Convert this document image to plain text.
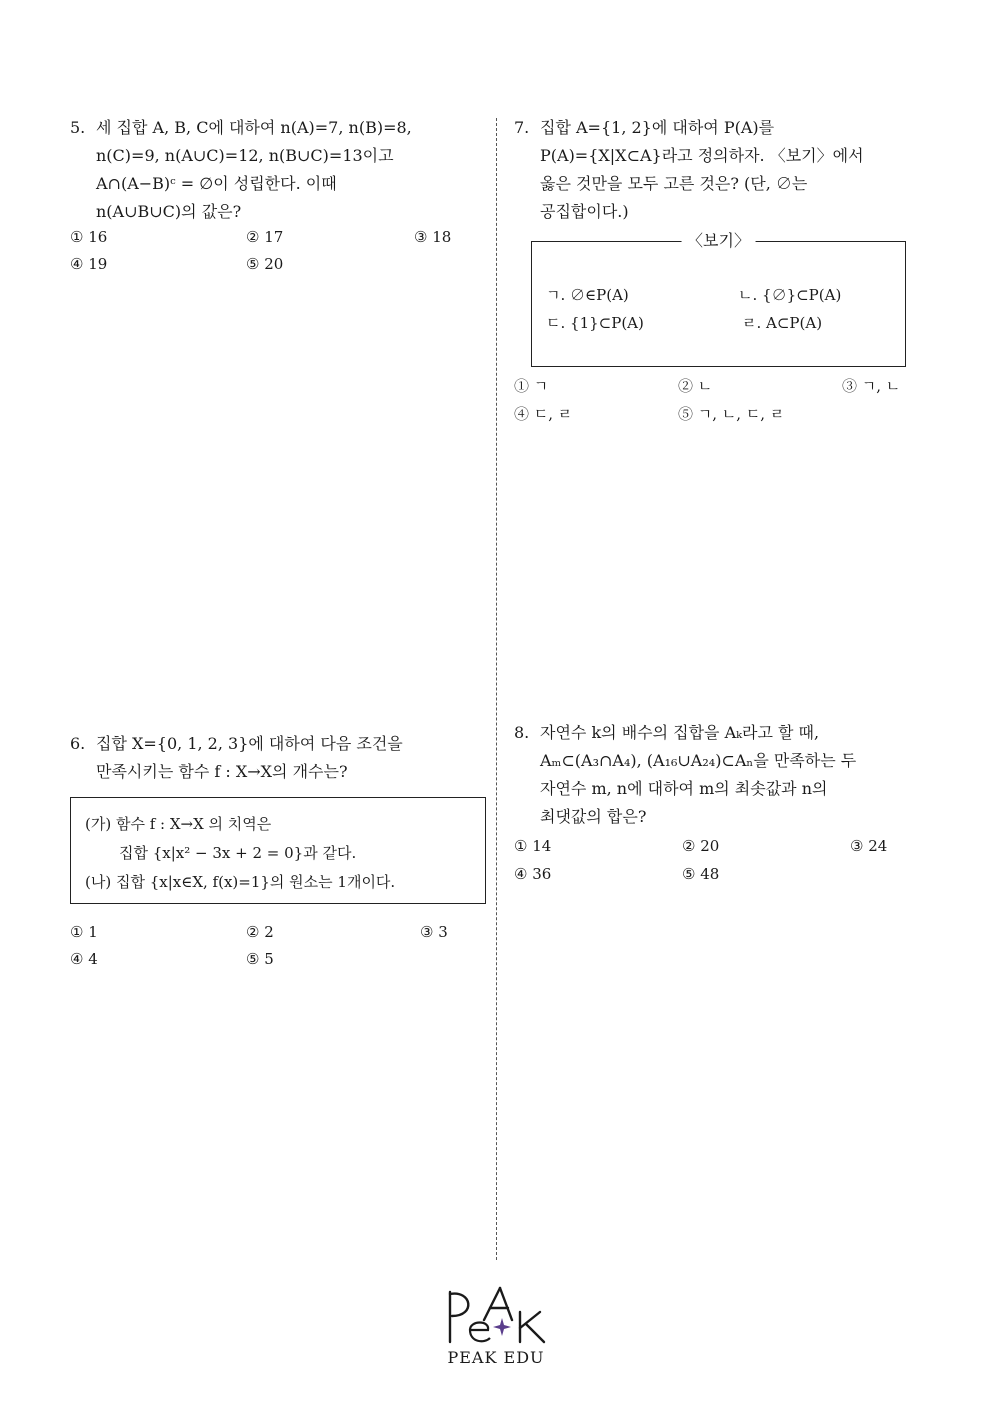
5. 세 집합 A, B, C에 대하여 n(A)=7, n(B)=8,
n(C)=9, n(A∪C)=12, n(B∪C)=13이고
A∩(A−B)ᶜ = ∅이 성립한다. 이때
n(A∪B∪C)의 값은?
① 16	② 17	③ 18
④ 19	⑤ 20
6. 집합 X={0, 1, 2, 3}에 대하여 다음 조건을
만족시키는 함수 f : X→X의 개수는?
(가) 함수 f : X→X 의 치역은
집합 {x|x² − 3x + 2 = 0}과 같다.
(나) 집합 {x|x∈X, f(x)=1}의 원소는 1개이다.
① 1	② 2	③ 3
④ 4	⑤ 5
7. 집합 A={1, 2}에 대하여 P(A)를
P(A)={X|X⊂A}라고 정의하자. 〈보기〉에서
옳은 것만을 모두 고른 것은? (단, ∅는
공집합이다.)
〈보기〉
ㄱ. ∅∈P(A)	ㄴ. {∅}⊂P(A)
ㄷ. {1}⊂P(A)	ㄹ. A⊂P(A)
① ㄱ	② ㄴ	③ ㄱ, ㄴ
④ ㄷ, ㄹ	⑤ ㄱ, ㄴ, ㄷ, ㄹ
8. 자연수 k의 배수의 집합을 Aₖ라고 할 때,
Aₘ⊂(A₃∩A₄), (A₁₆∪A₂₄)⊂Aₙ을 만족하는 두
자연수 m, n에 대하여 m의 최솟값과 n의
최댓값의 합은?
① 14	② 20	③ 24
④ 36	⑤ 48
PEAK EDU
